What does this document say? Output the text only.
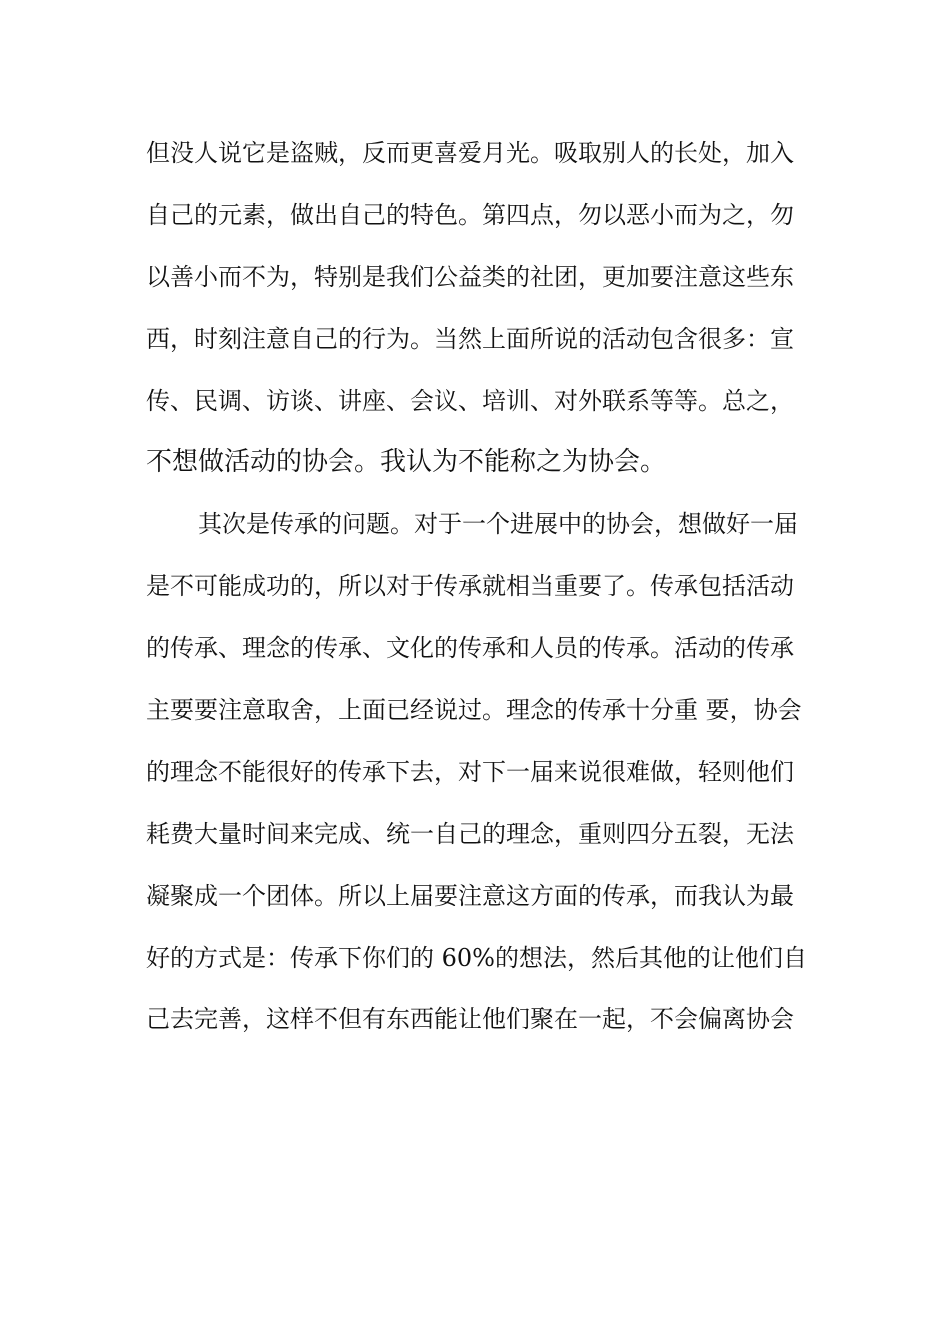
但没人说它是盗贼，反而更喜爱月光。吸取别人的长处，加入
自己的元素，做出自己的特色。第四点，勿以恶小而为之，勿
以善小而不为，特别是我们公益类的社团，更加要注意这些东
西，时刻注意自己的行为。当然上面所说的活动包含很多：宣
传、民调、访谈、讲座、会议、培训、对外联系等等。总之，
不想做活动的协会。我认为不能称之为协会。
其次是传承的问题。对于一个进展中的协会，想做好一届
是不可能成功的，所以对于传承就相当重要了。传承包括活动
的传承、理念的传承、文化的传承和人员的传承。活动的传承
主要要注意取舍，上面已经说过。理念的传承十分重 要，协会
的理念不能很好的传承下去，对下一届来说很难做，轻则他们
耗费大量时间来完成、统一自己的理念，重则四分五裂，无法
凝聚成一个团体。所以上届要注意这方面的传承，而我认为最
好的方式是：传承下你们的 60%的想法，然后其他的让他们自
己去完善，这样不但有东西能让他们聚在一起，不会偏离协会
